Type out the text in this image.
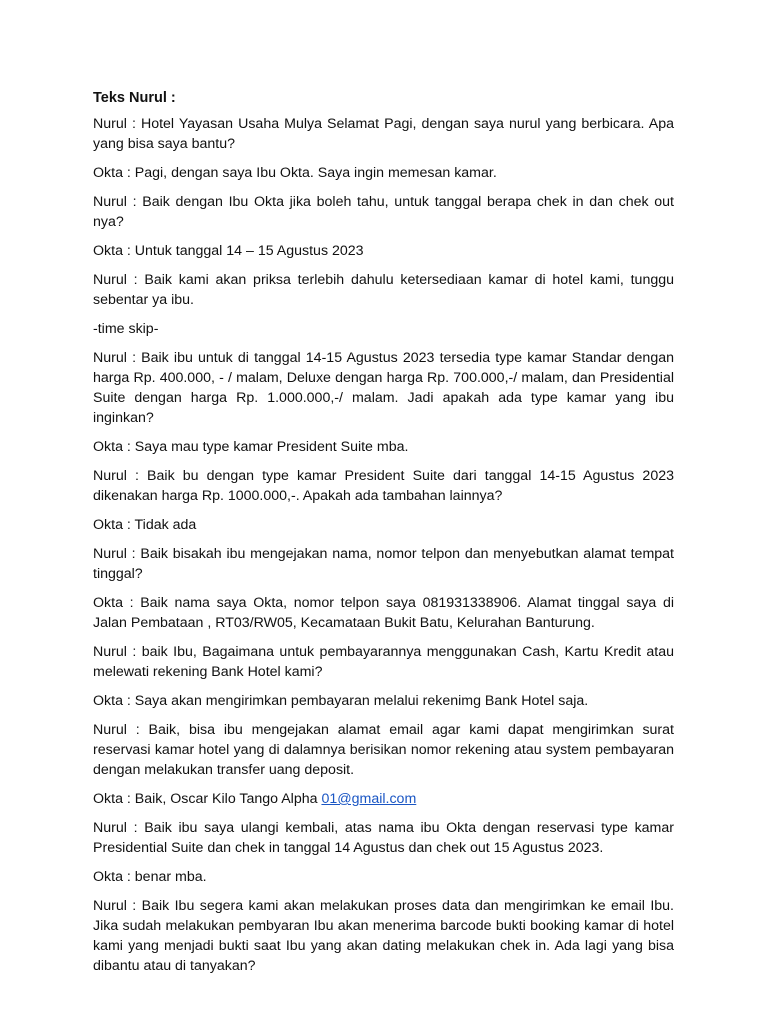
Teks Nurul :

Nurul : Hotel Yayasan Usaha Mulya Selamat Pagi, dengan saya nurul yang berbicara. Apa yang bisa saya bantu?

Okta : Pagi, dengan saya Ibu Okta. Saya ingin memesan kamar.

Nurul : Baik dengan Ibu Okta jika boleh tahu, untuk tanggal berapa chek in dan chek out nya?

Okta : Untuk tanggal 14 – 15 Agustus 2023

Nurul : Baik kami akan priksa terlebih dahulu ketersediaan kamar di hotel kami, tunggu sebentar ya ibu.

-time skip-

Nurul : Baik ibu untuk di tanggal 14-15 Agustus 2023 tersedia type kamar Standar dengan harga Rp. 400.000, - / malam, Deluxe dengan harga Rp. 700.000,-/ malam, dan Presidential Suite dengan harga Rp. 1.000.000,-/ malam. Jadi apakah ada type kamar yang ibu inginkan?

Okta : Saya mau type kamar President Suite mba.

Nurul : Baik bu dengan type kamar President Suite dari tanggal 14-15 Agustus 2023 dikenakan harga Rp. 1000.000,-. Apakah ada tambahan lainnya?

Okta : Tidak ada

Nurul : Baik bisakah ibu mengejakan nama, nomor telpon dan menyebutkan alamat tempat tinggal?

Okta : Baik nama saya Okta, nomor telpon saya 081931338906. Alamat tinggal saya di Jalan Pembataan , RT03/RW05, Kecamataan Bukit Batu, Kelurahan Banturung.

Nurul : baik Ibu, Bagaimana untuk pembayarannya menggunakan Cash, Kartu Kredit atau melewati rekening Bank Hotel kami?

Okta : Saya akan mengirimkan pembayaran melalui rekenimg Bank Hotel saja.

Nurul : Baik, bisa ibu mengejakan alamat email agar kami dapat mengirimkan surat reservasi kamar hotel yang di dalamnya berisikan nomor rekening atau system pembayaran dengan melakukan transfer uang deposit.

Okta : Baik, Oscar Kilo Tango Alpha 01@gmail.com

Nurul : Baik ibu saya ulangi kembali, atas nama ibu Okta dengan reservasi type kamar Presidential Suite dan chek in tanggal 14 Agustus dan chek out 15 Agustus 2023.

Okta : benar mba.

Nurul : Baik Ibu segera kami akan melakukan proses data dan mengirimkan ke email Ibu. Jika sudah melakukan pembyaran Ibu akan menerima barcode bukti booking kamar di hotel kami yang menjadi bukti saat Ibu yang akan dating melakukan chek in. Ada lagi yang bisa dibantu atau di tanyakan?
